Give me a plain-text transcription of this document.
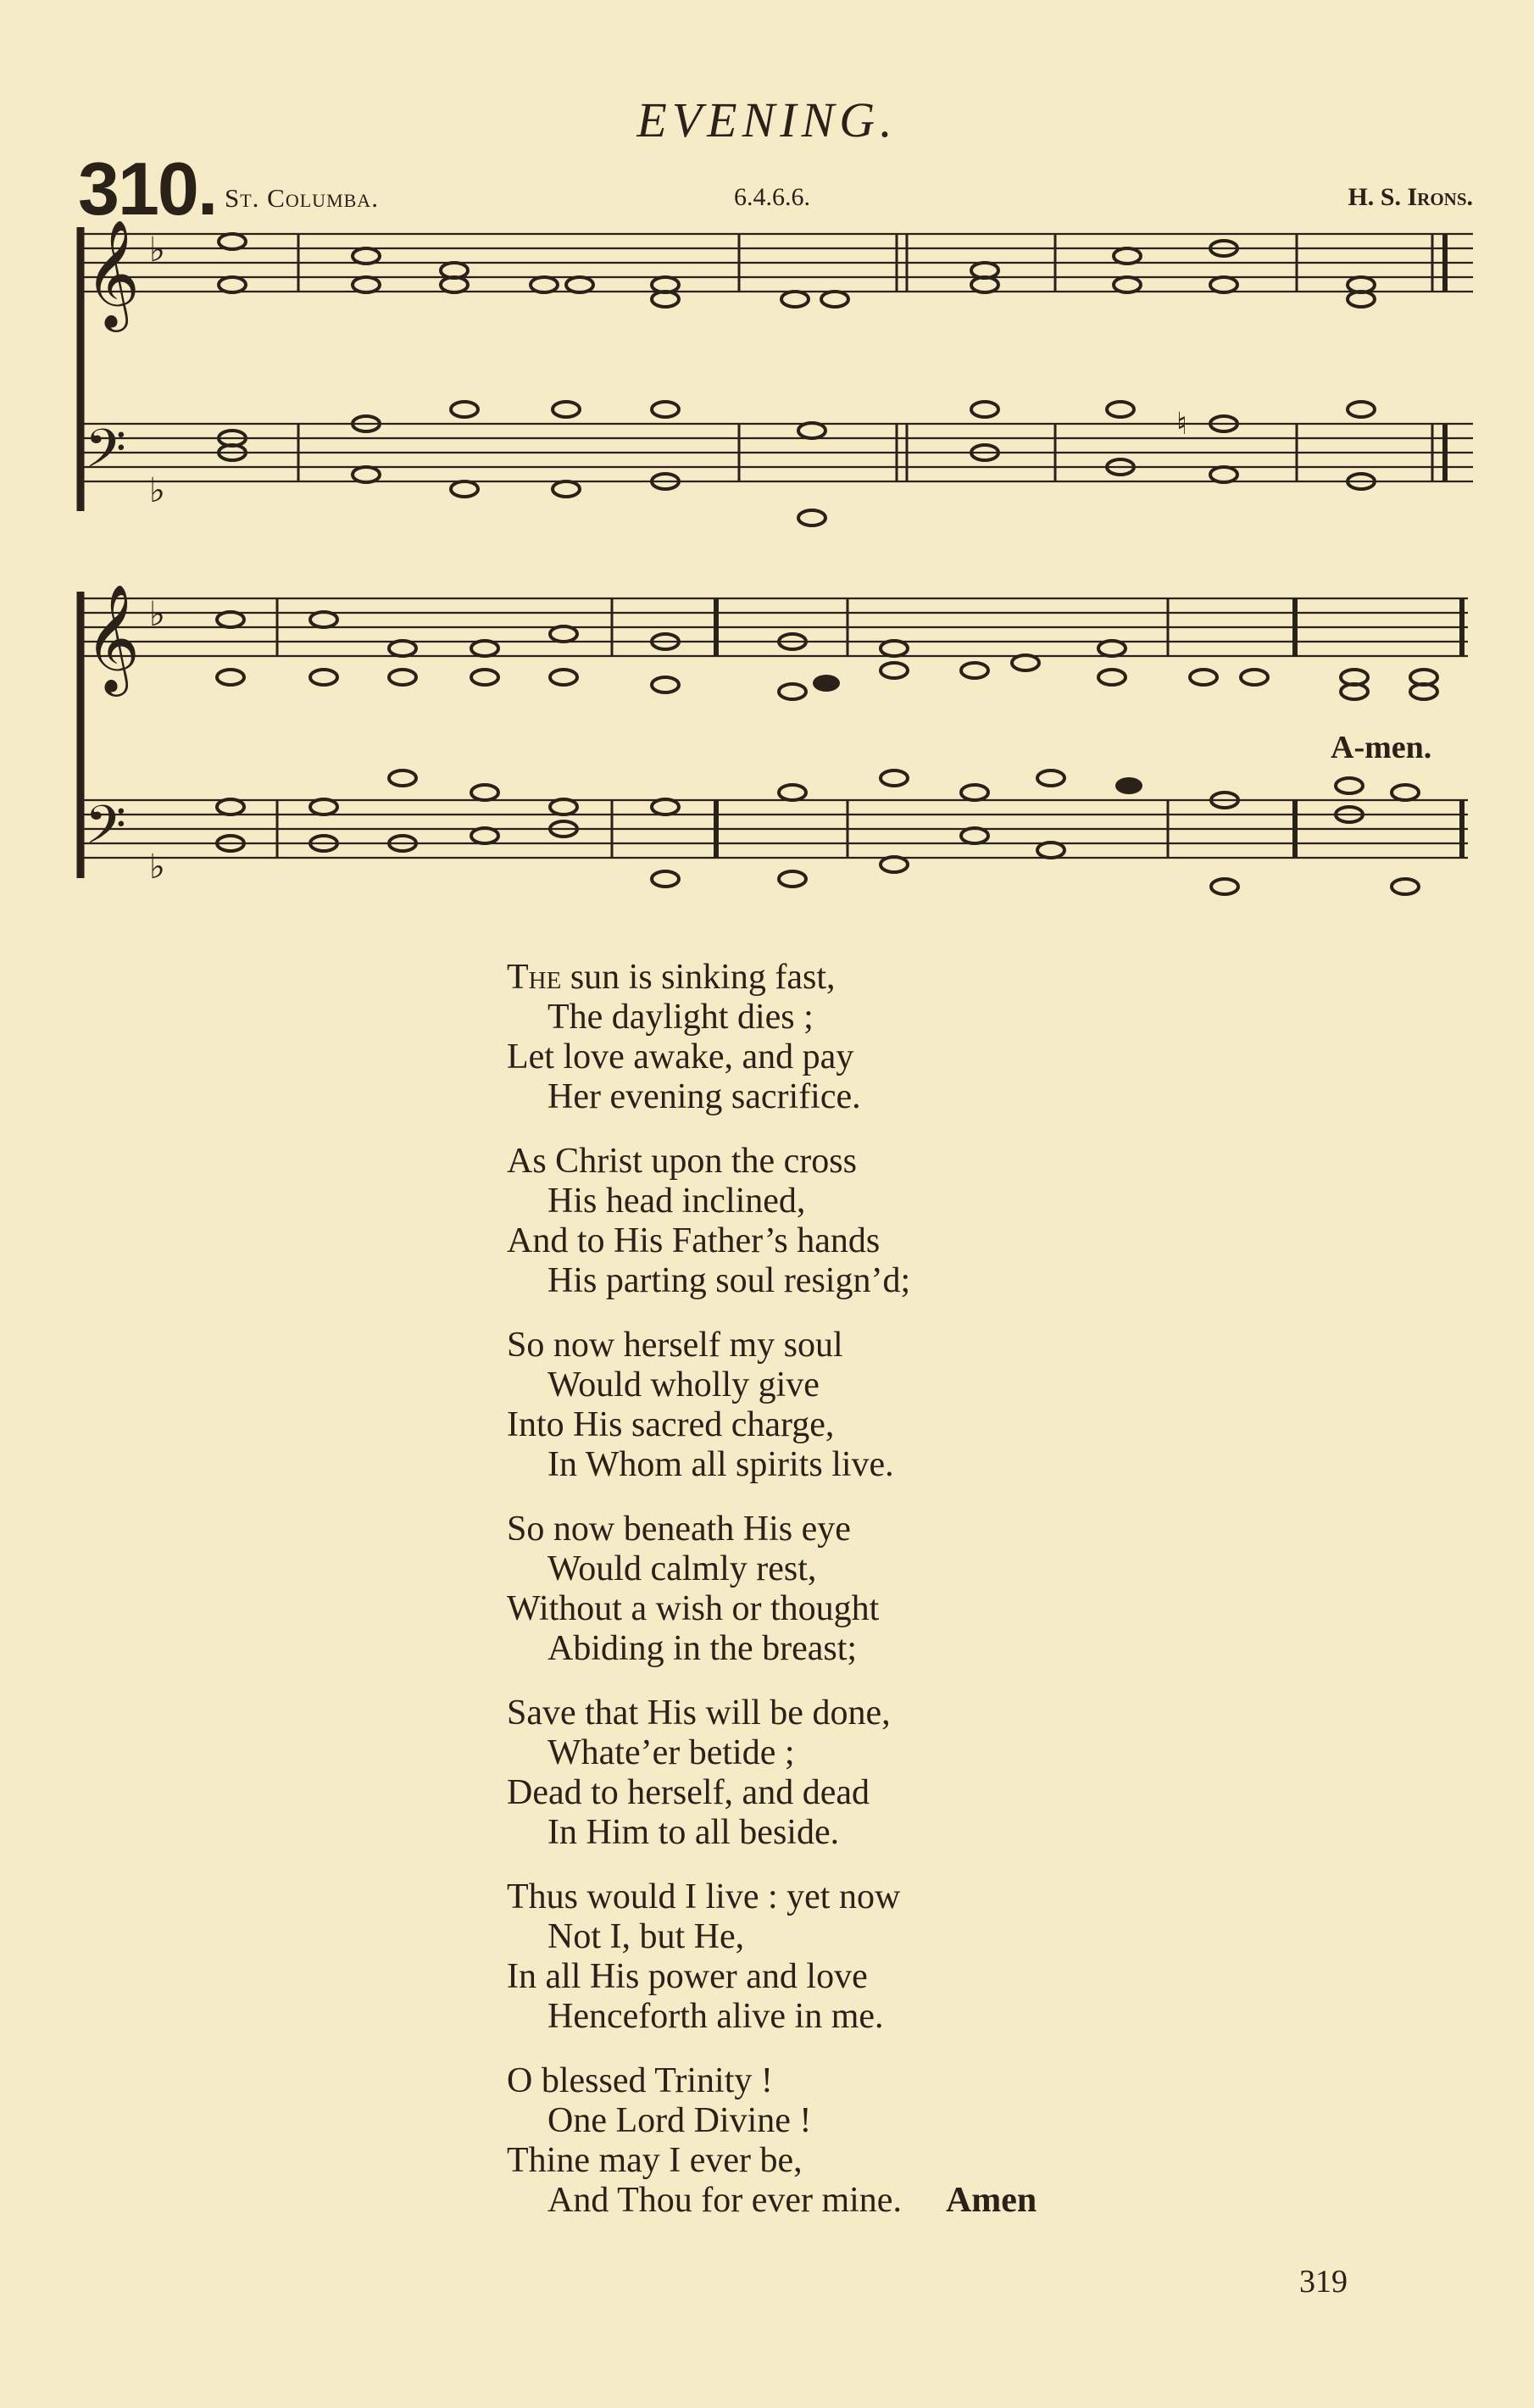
EVENING.
310. St. Columba.	6.4.6.6.	H. S. Irons.
𝄞
𝄢
♭
♭
♮
𝄞
𝄢
♭
♭
A-men.
The sun is sinking fast,
The daylight dies ;
Let love awake, and pay
Her evening sacrifice.
As Christ upon the cross
His head inclined,
And to His Father’s hands
His parting soul resign’d;
So now herself my soul
Would wholly give
Into His sacred charge,
In Whom all spirits live.
So now beneath His eye
Would calmly rest,
Without a wish or thought
Abiding in the breast;
Save that His will be done,
Whate’er betide ;
Dead to herself, and dead
In Him to all beside.
Thus would I live : yet now
Not I, but He,
In all His power and love
Henceforth alive in me.
O blessed Trinity !
One Lord Divine !
Thine may I ever be,
And Thou for ever mine. Amen
319
